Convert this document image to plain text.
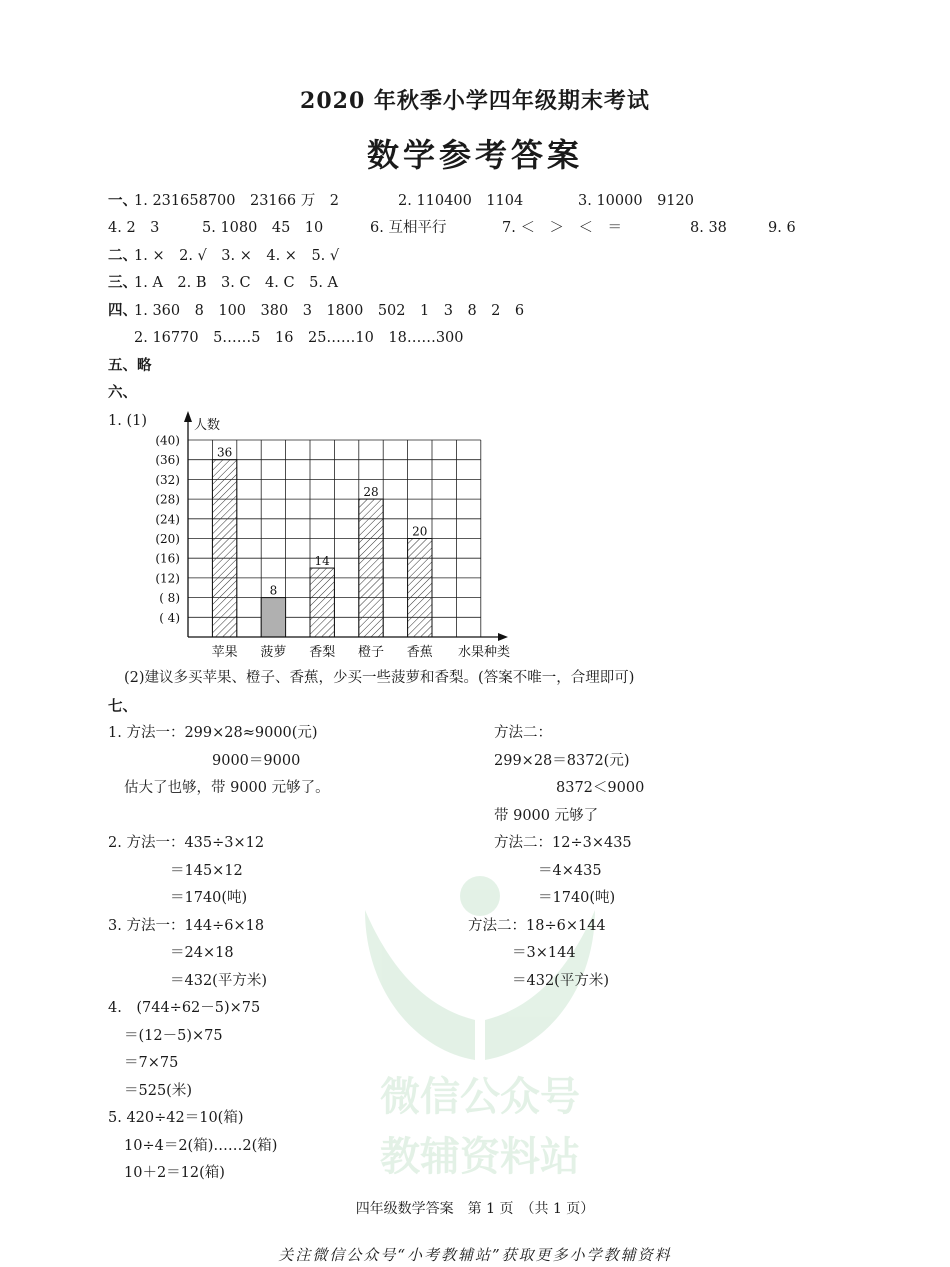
微信公众号
教辅资料站
2020 年秋季小学四年级期末考试
数学参考答案
一、
1. 231658700　23166 万　2	2. 110400　1104	3. 10000　9120
4. 2　3	5. 1080　45　10	6. 互相平行	7. ＜　＞　＜　＝	8. 38	9. 6
二、
1. ×　2. √　3. ×　4. ×　5. √
三、
1. A　2. B　3. C　4. C　5. A
四、
1. 360　8　100　380　3　1800　502　1　3　8　2　6
2. 16770　5……5　16　25……10　18……300
五、略
六、
1. (1)
(40)
(36)
(32)
(28)
(24)
(20)
(16)
(12)
( 8)
( 4)
36
苹果
8
菠萝
14
香梨
28
橙子
20
香蕉
人数
水果种类
(2)建议多买苹果、橙子、香蕉，少买一些菠萝和香梨。(答案不唯一，合理即可)
七、
1. 方法一：299×28≈9000(元)
9000＝9000
估大了也够，带 9000 元够了。
方法二：
299×28＝8372(元)
8372＜9000
带 9000 元够了
2. 方法一：435÷3×12
＝145×12
＝1740(吨)
方法二：12÷3×435
＝4×435
＝1740(吨)
3. 方法一：144÷6×18
＝24×18
＝432(平方米)
方法二：18÷6×144
＝3×144
＝432(平方米)
4.　(744÷62－5)×75
＝(12－5)×75
＝7×75
＝525(米)
5. 420÷42＝10(箱)
10÷4＝2(箱)……2(箱)
10＋2＝12(箱)
四年级数学答案　第 1 页　（共 1 页）
关注微信公众号“小考教辅站”获取更多小学教辅资料
